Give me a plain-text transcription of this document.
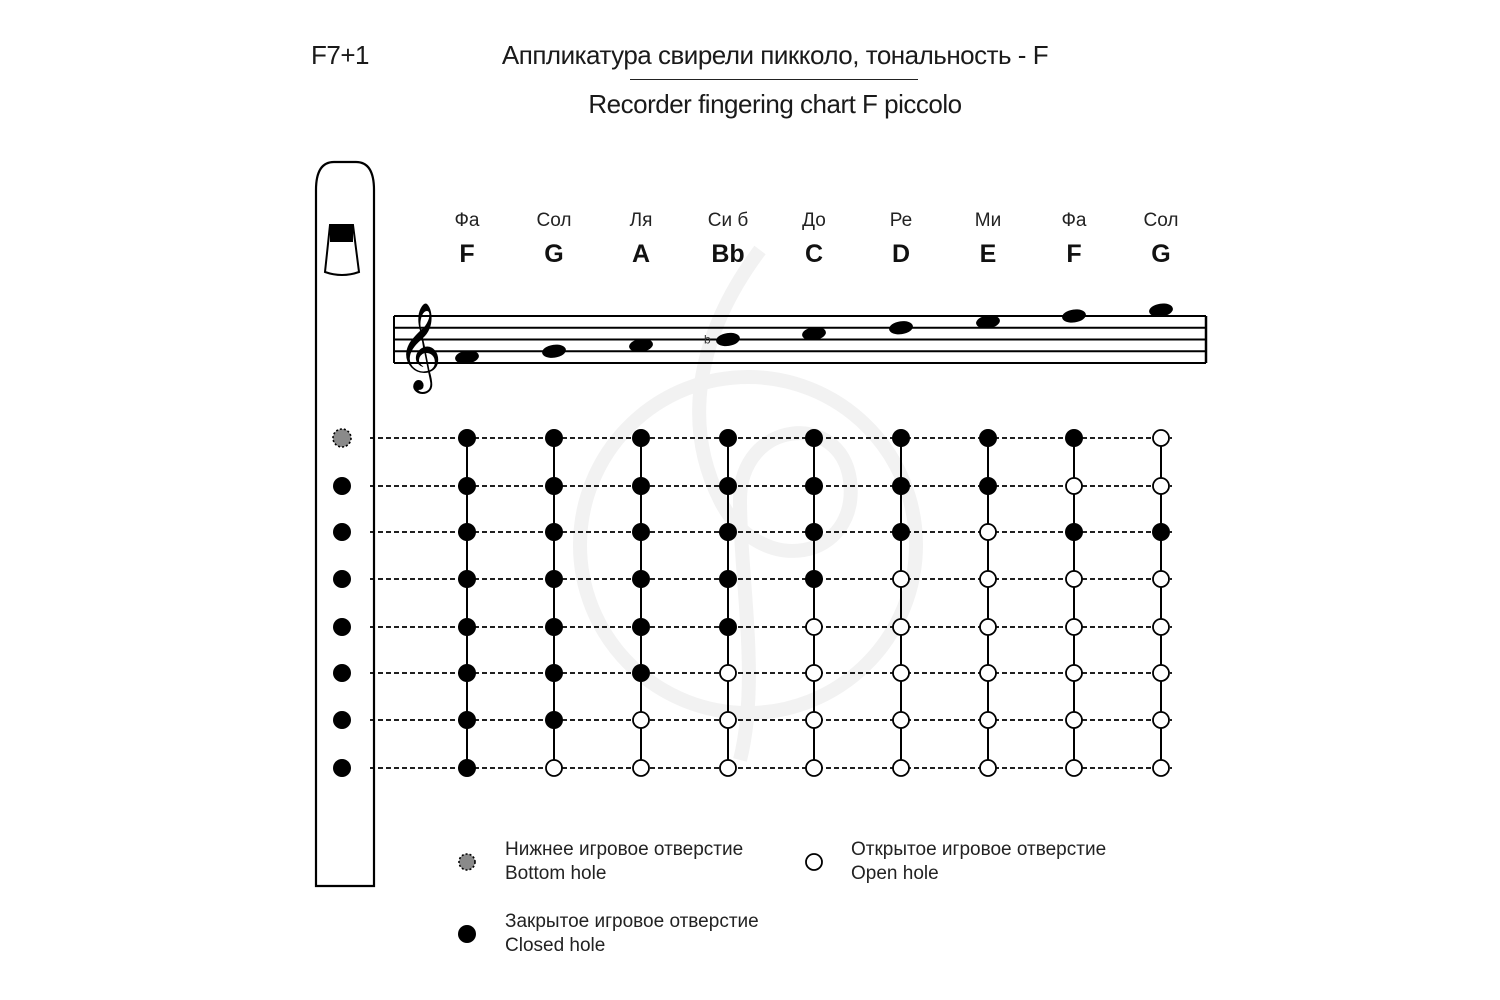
F7+1	Аппликатура свирели пикколо, тональность - F
Recorder fingering chart F piccolo
𝄞	b
Фа
F
Сол
G
Ля
A
Си б
Bb
До
C
Ре
D
Ми
E
Фа
F
Сол
G
Нижнее игровое отверстие
Bottom hole
Открытое игровое отверстие
Open hole
Закрытое игровое отверстие
Closed hole
